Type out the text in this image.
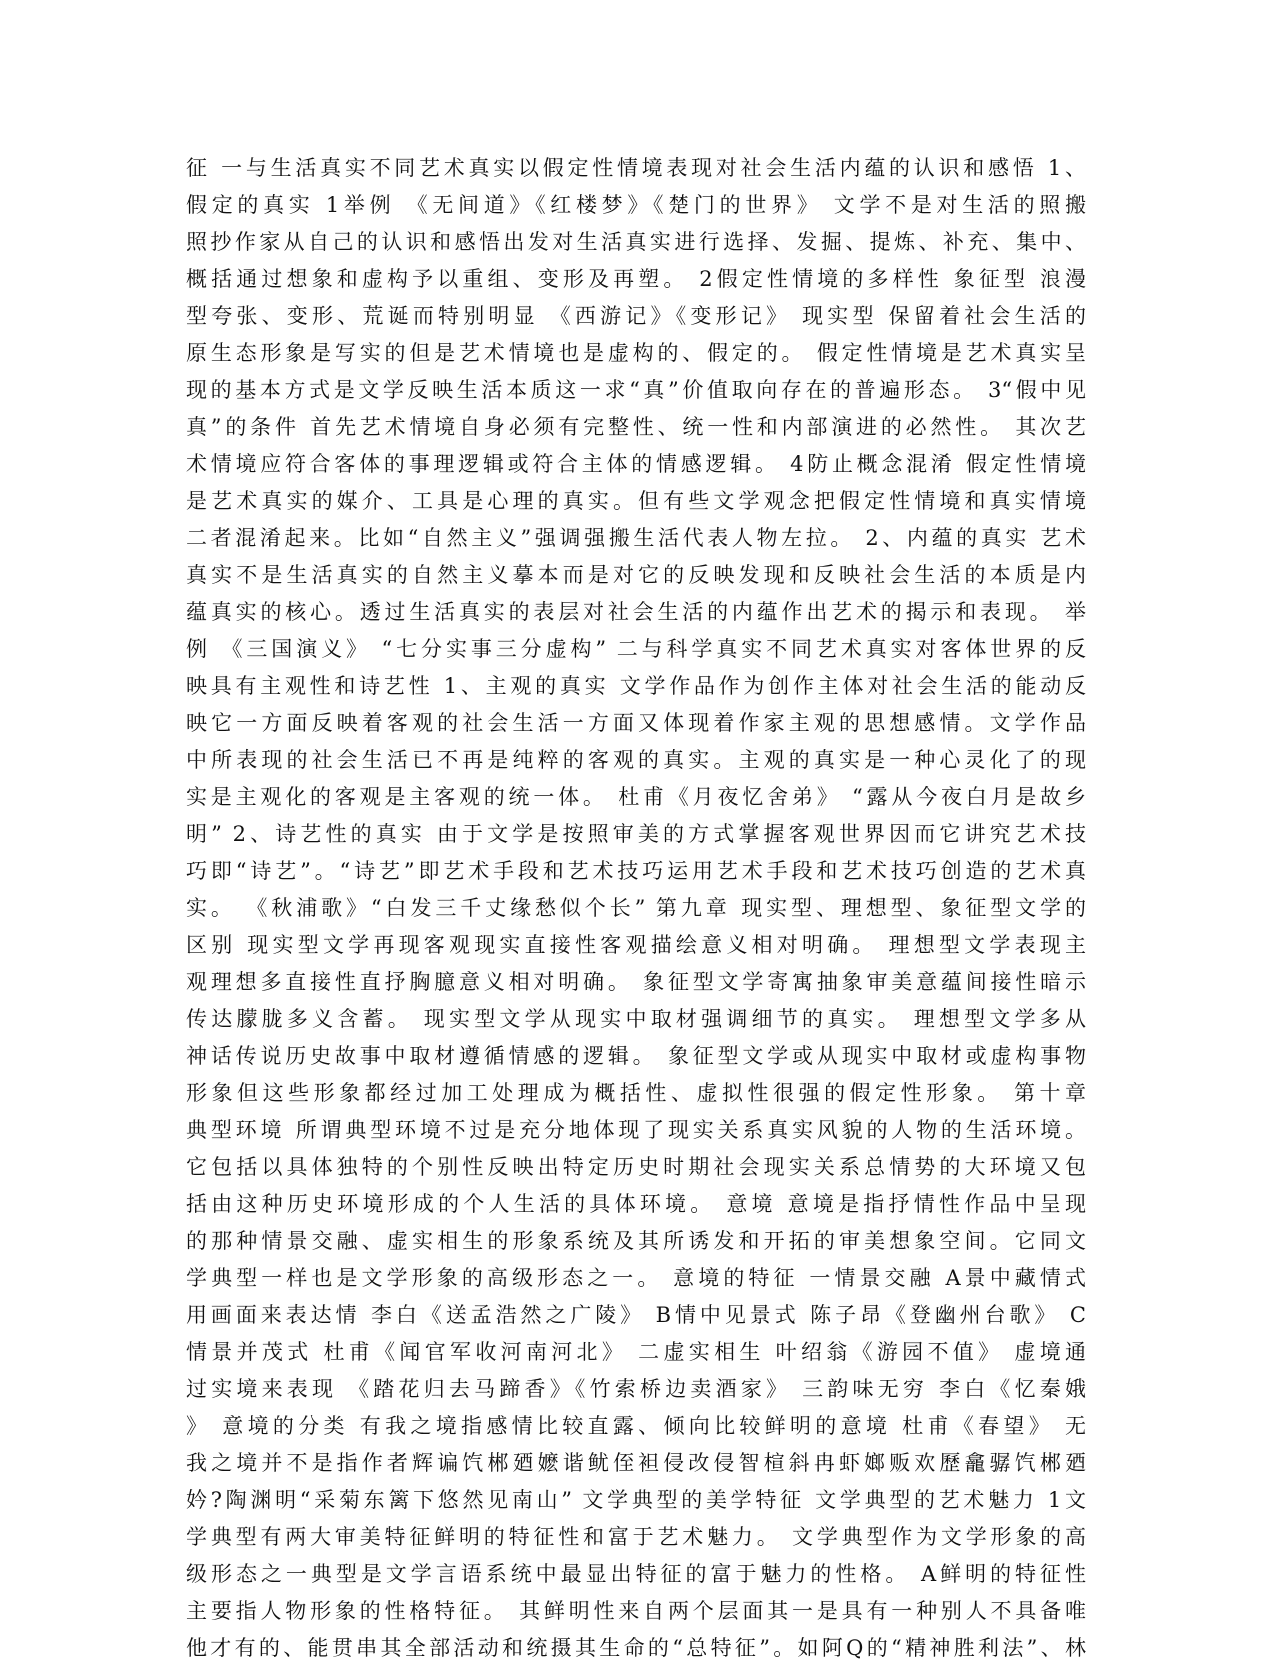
征 一与生活真实不同艺术真实以假定性情境表现对社会生活内蕴的认识和感悟 1、
假定的真实 1举例 《无间道》《红楼梦》《楚门的世界》 文学不是对生活的照搬
照抄作家从自己的认识和感悟出发对生活真实进行选择、发掘、提炼、补充、集中、
概括通过想象和虚构予以重组、变形及再塑。 2假定性情境的多样性 象征型 浪漫
型夸张、变形、荒诞而特别明显 《西游记》《变形记》 现实型 保留着社会生活的
原生态形象是写实的但是艺术情境也是虚构的、假定的。 假定性情境是艺术真实呈
现的基本方式是文学反映生活本质这一求“真”价值取向存在的普遍形态。 3“假中见
真”的条件 首先艺术情境自身必须有完整性、统一性和内部演进的必然性。 其次艺
术情境应符合客体的事理逻辑或符合主体的情感逻辑。 4防止概念混淆 假定性情境
是艺术真实的媒介、工具是心理的真实。但有些文学观念把假定性情境和真实情境
二者混淆起来。比如“自然主义”强调强搬生活代表人物左拉。 2、内蕴的真实 艺术
真实不是生活真实的自然主义摹本而是对它的反映发现和反映社会生活的本质是内
蕴真实的核心。透过生活真实的表层对社会生活的内蕴作出艺术的揭示和表现。 举
例 《三国演义》 “七分实事三分虚构” 二与科学真实不同艺术真实对客体世界的反
映具有主观性和诗艺性 1、主观的真实 文学作品作为创作主体对社会生活的能动反
映它一方面反映着客观的社会生活一方面又体现着作家主观的思想感情。文学作品
中所表现的社会生活已不再是纯粹的客观的真实。主观的真实是一种心灵化了的现
实是主观化的客观是主客观的统一体。 杜甫《月夜忆舍弟》 “露从今夜白月是故乡
明” 2、诗艺性的真实 由于文学是按照审美的方式掌握客观世界因而它讲究艺术技
巧即“诗艺”。“诗艺”即艺术手段和艺术技巧运用艺术手段和艺术技巧创造的艺术真
实。 《秋浦歌》“白发三千丈缘愁似个长” 第九章 现实型、理想型、象征型文学的
区别 现实型文学再现客观现实直接性客观描绘意义相对明确。 理想型文学表现主
观理想多直接性直抒胸臆意义相对明确。 象征型文学寄寓抽象审美意蕴间接性暗示
传达朦胧多义含蓄。 现实型文学从现实中取材强调细节的真实。 理想型文学多从
神话传说历史故事中取材遵循情感的逻辑。 象征型文学或从现实中取材或虚构事物
形象但这些形象都经过加工处理成为概括性、虚拟性很强的假定性形象。 第十章
典型环境 所谓典型环境不过是充分地体现了现实关系真实风貌的人物的生活环境。
它包括以具体独特的个别性反映出特定历史时期社会现实关系总情势的大环境又包
括由这种历史环境形成的个人生活的具体环境。 意境 意境是指抒情性作品中呈现
的那种情景交融、虚实相生的形象系统及其所诱发和开拓的审美想象空间。它同文
学典型一样也是文学形象的高级形态之一。 意境的特征 一情景交融 A景中藏情式
用画面来表达情 李白《送孟浩然之广陵》 B情中见景式 陈子昂《登幽州台歌》 C
情景并茂式 杜甫《闻官军收河南河北》 二虚实相生 叶绍翁《游园不值》 虚境通
过实境来表现 《踏花归去马蹄香》《竹索桥边卖酒家》 三韵味无穷 李白《忆秦娥
》 意境的分类 有我之境指感情比较直露、倾向比较鲜明的意境 杜甫《春望》 无
我之境并不是指作者辉谝饩郴廼嬷谐鱿侄袒侵改侵智楦斜冉虾嫏贩欢歷龕骣饩郴廼
妗?陶渊明“采菊东篱下悠然见南山” 文学典型的美学特征 文学典型的艺术魅力 1文
学典型有两大审美特征鲜明的特征性和富于艺术魅力。 文学典型作为文学形象的高
级形态之一典型是文学言语系统中最显出特征的富于魅力的性格。 A鲜明的特征性
主要指人物形象的性格特征。 其鲜明性来自两个层面其一是具有一种别人不具备唯
他才有的、能贯串其全部活动和统摄其生命的“总特征”。如阿Q的“精神胜利法”、林
